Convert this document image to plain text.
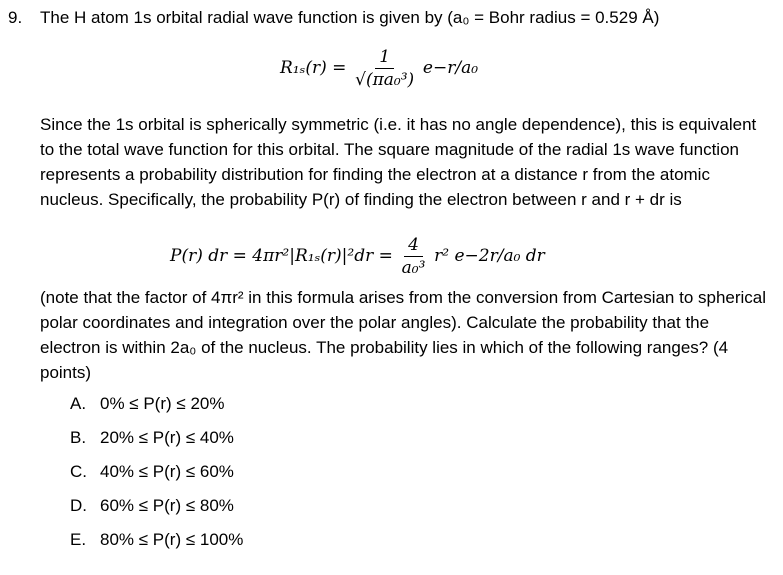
9. The H atom 1s orbital radial wave function is given by (a₀ = Bohr radius = 0.529 Å)
$R_{1s}(r) = \frac{1}{\text{√(πa₀³)}} e-r/a_0$
Since the 1s orbital is spherically symmetric (i.e. it has no angle dependence), this is equivalent to the total wave function for this orbital. The square magnitude of the radial 1s wave function represents a probability distribution for finding the electron at a distance r from the atomic nucleus. Specifically, the probability P(r) of finding the electron between r and r + dr is
P(r) dr = $4\pi r^2|R_{1s}(r)|^2dr = \frac{4}{\text{a₀³}} r^2$ e−2r/a₀ dr
(note that the factor of 4πr² in this formula arises from the conversion from Cartesian to spherical polar coordinates and integration over the polar angles). Calculate the probability that the electron is within 2a₀ of the nucleus. The probability lies in which of the following ranges? (4 points)
A. 0% ≤ P(r) ≤ 20%
B. 20% ≤ P(r) ≤ 40%
C. 40% ≤ P(r) ≤ 60%
D. 60% ≤ P(r) ≤ 80%
E. 80% ≤ P(r) ≤ 100%
